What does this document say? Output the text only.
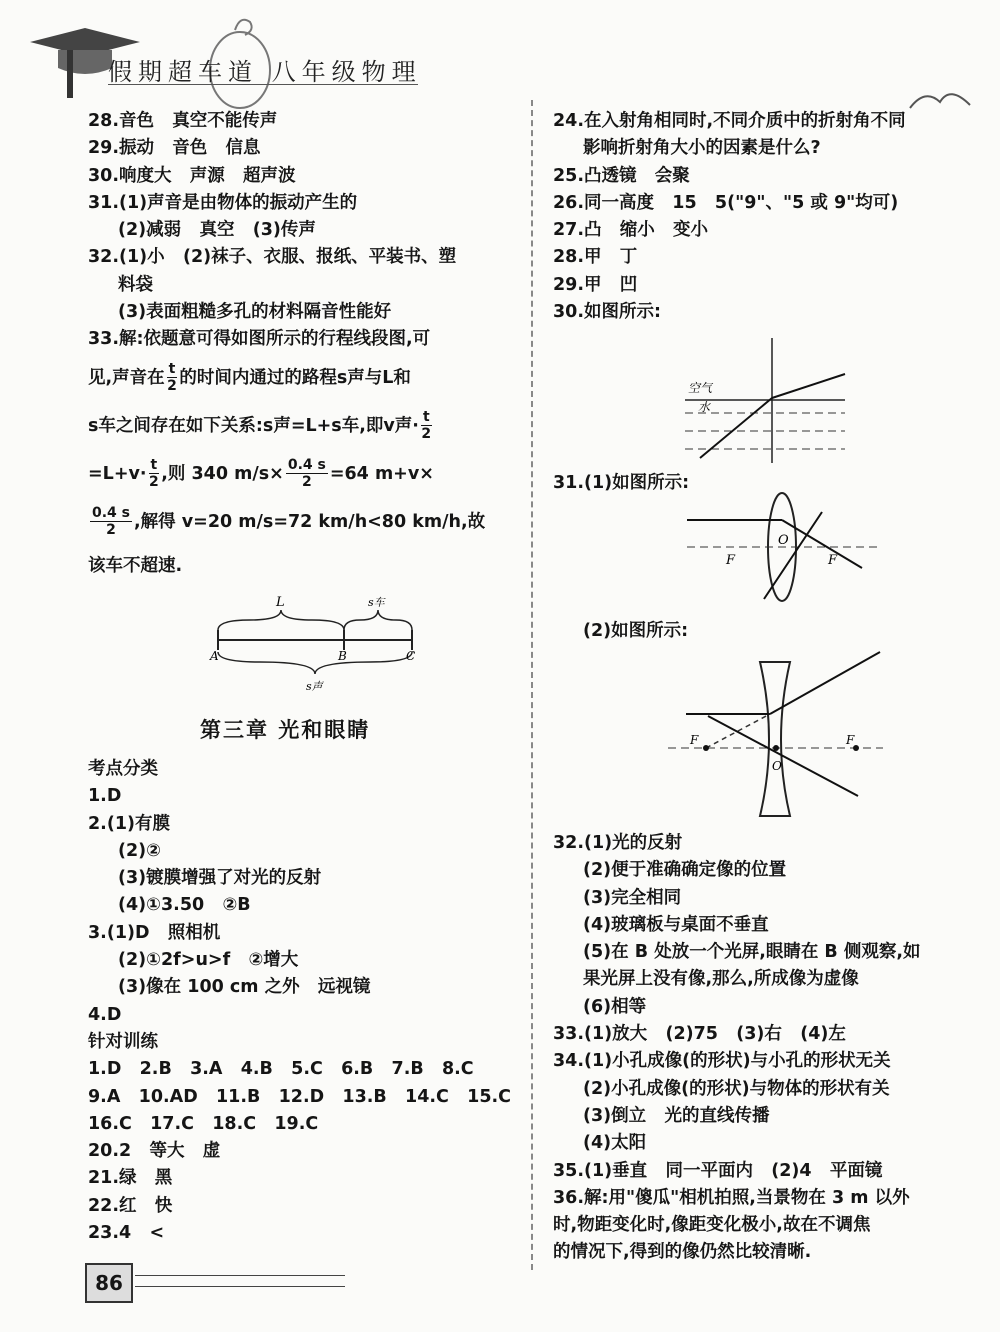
假期超车道 八年级物理
28.音色   真空不能传声
29.振动   音色   信息
30.响度大   声源   超声波
31.(1)声音是由物体的振动产生的
(2)减弱   真空   (3)传声
32.(1)小   (2)袜子、衣服、报纸、平装书、塑
料袋
(3)表面粗糙多孔的材料隔音性能好
33.解:依题意可得如图所示的行程线段图,可
见,声音在 $\frac{t}{2}$ 的时间内通过的路程s声与L和
s车之间存在如下关系:s声=L+s车,即v声· $\frac{t}{2}$
$=L+v\cdot \frac{t}{2}$ ,则 340 $m/s\times \frac{0.4 s}{2} =64$ m+v×
$\frac{0.4 s}{2}$ ,解得 v=20 m/s=72 km/h<80 km/h,故
该车不超速.
L	s车
A	B	C
s声
第三章 光和眼睛
考点分类
1.D
2.(1)有膜
(2)②
(3)镀膜增强了对光的反射
(4)①3.50   ②B
3.(1)D   照相机
(2)①2f>u>f   ②增大
(3)像在 100 cm 之外   远视镜
4.D
针对训练
1.D   2.B   3.A   4.B   5.C   6.B   7.B   8.C
9.A   10.AD   11.B   12.D   13.B   14.C   15.C
16.C   17.C   18.C   19.C
20.2   等大   虚
21.绿   黑
22.红   快
23.4   <
24.在入射角相同时,不同介质中的折射角不同
影响折射角大小的因素是什么?
25.凸透镜   会聚
26.同一高度   15   5("9"、"5 或 9"均可)
27.凸   缩小   变小
28.甲   丁
29.甲   凹
30.如图所示:
空气
水
31.(1)如图所示:
F
O
F
(2)如图所示:
F
O
F
32.(1)光的反射
(2)便于准确确定像的位置
(3)完全相同
(4)玻璃板与桌面不垂直
(5)在 B 处放一个光屏,眼睛在 B 侧观察,如
果光屏上没有像,那么,所成像为虚像
(6)相等
33.(1)放大   (2)75   (3)右   (4)左
34.(1)小孔成像(的形状)与小孔的形状无关
(2)小孔成像(的形状)与物体的形状有关
(3)倒立   光的直线传播
(4)太阳
35.(1)垂直   同一平面内   (2)4   平面镜
36.解:用"傻瓜"相机拍照,当景物在 3 m 以外
时,物距变化时,像距变化极小,故在不调焦
的情况下,得到的像仍然比较清晰.
86
